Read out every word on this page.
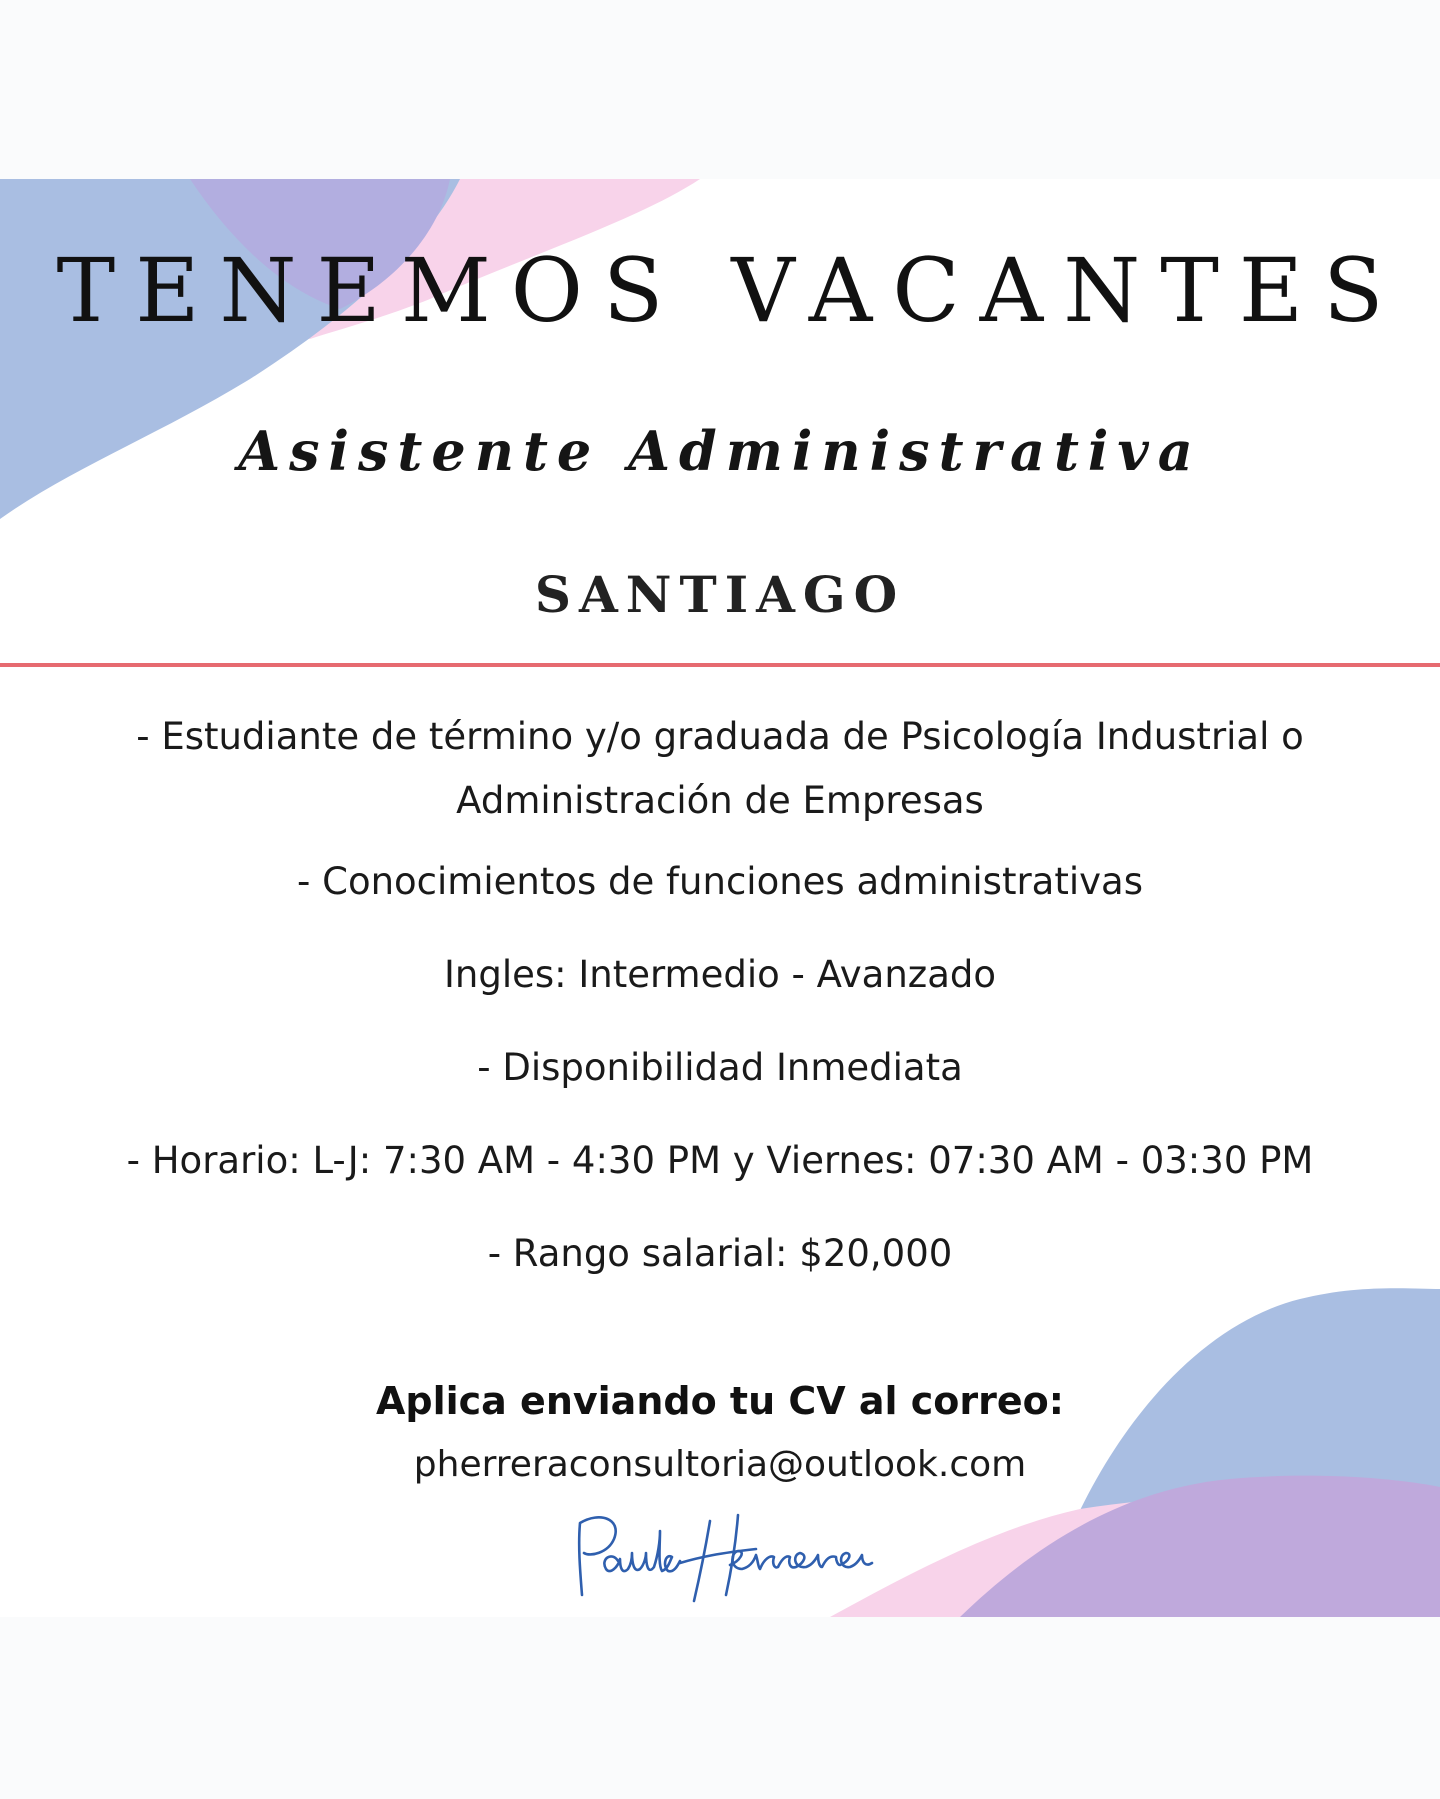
TENEMOS VACANTES
Asistente Administrativa
SANTIAGO

- Estudiante de término y/o graduada de Psicología Industrial o Administración de Empresas

- Conocimientos de funciones administrativas

Ingles: Intermedio - Avanzado

- Disponibilidad Inmediata

- Horario: L-J: 7:30 AM - 4:30 PM y Viernes: 07:30 AM - 03:30 PM

- Rango salarial: $20,000

Aplica enviando tu CV al correo:

pherreraconsultoria@outlook.com
